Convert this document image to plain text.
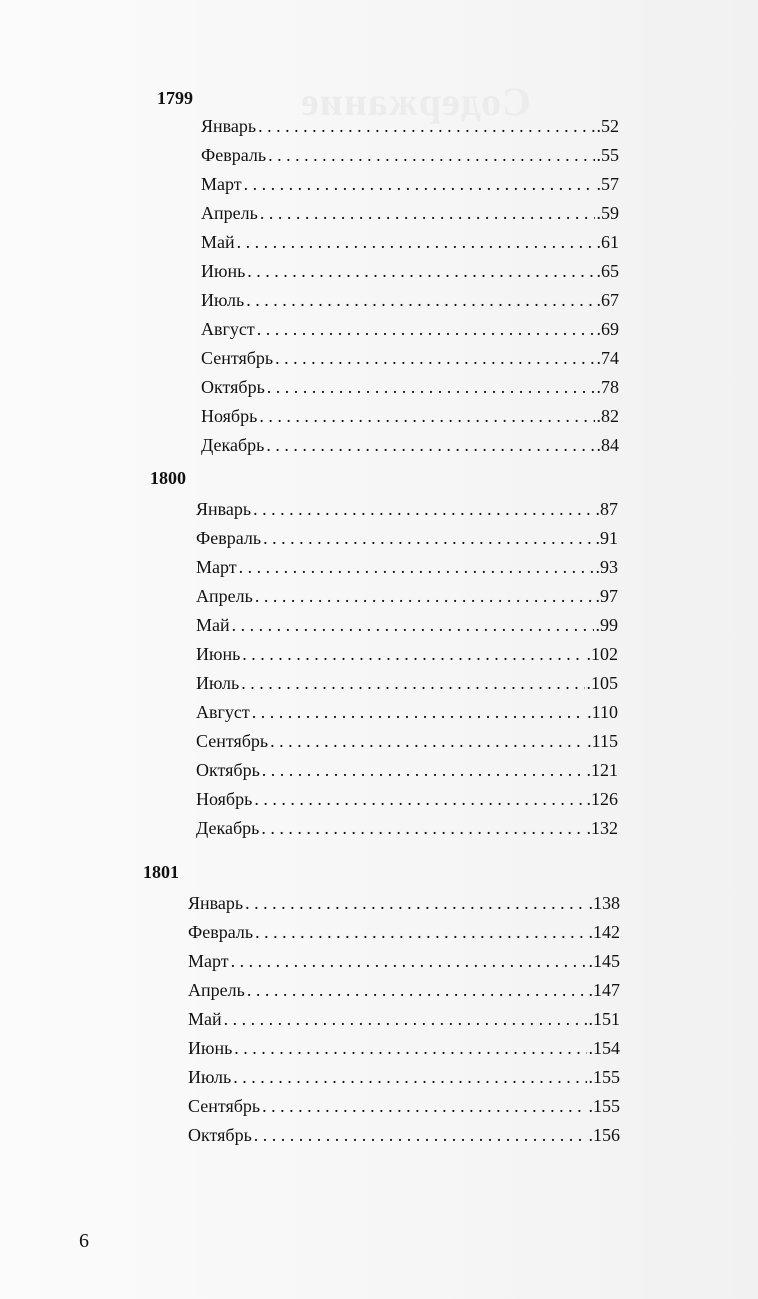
Содержание
1799
Январь . . .	.52
Февраль . . .	.55
Март . . .	.57
Апрель . . .	.59
Май . . .	.61
Июнь . . .	.65
Июль . . .	.67
Август . . .	.69
Сентябрь . . .	.74
Октябрь . . .	.78
Ноябрь . . .	.82
Декабрь . . .	.84
1800
Январь . . .	.87
Февраль . . .	.91
Март . . .	.93
Апрель . . .	.97
Май . . .	.99
Июнь . . .	.102
Июль . . .	.105
Август . . .	.110
Сентябрь . . .	.115
Октябрь . . .	.121
Ноябрь . . .	.126
Декабрь . . .	.132
1801
Январь . . .	.138
Февраль . . .	.142
Март . . .	.145
Апрель . . .	.147
Май . . .	.151
Июнь . . .	.154
Июль . . .	.155
Сентябрь . . .	.155
Октябрь . . .	.156
6
